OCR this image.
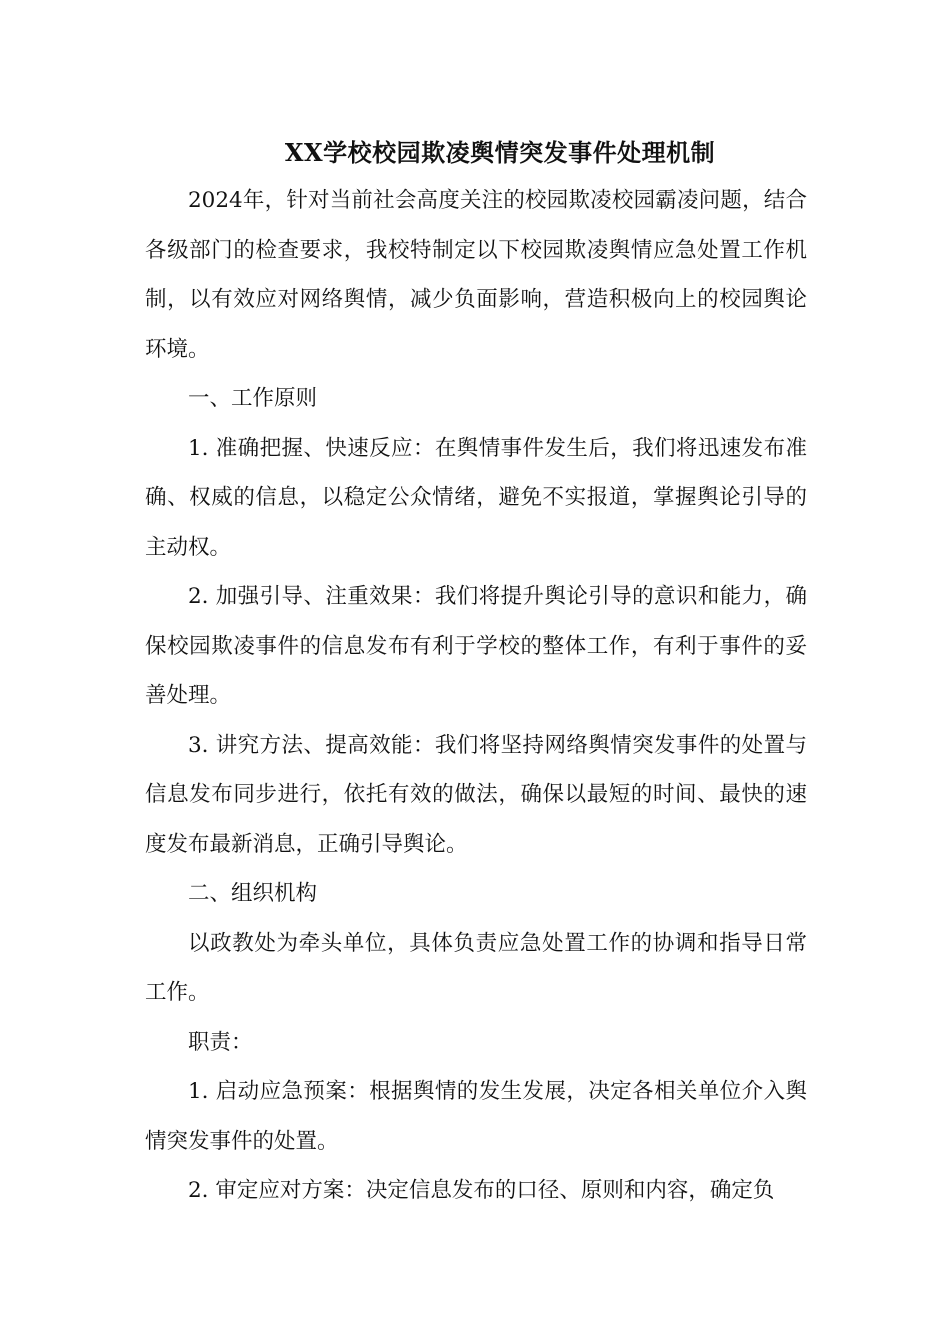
XX学校校园欺凌舆情突发事件处理机制

2024年，针对当前社会高度关注的校园欺凌校园霸凌问题，结合各级部门的检查要求，我校特制定以下校园欺凌舆情应急处置工作机制，以有效应对网络舆情，减少负面影响，营造积极向上的校园舆论环境。

一、工作原则

1. 准确把握、快速反应：在舆情事件发生后，我们将迅速发布准确、权威的信息，以稳定公众情绪，避免不实报道，掌握舆论引导的主动权。

2. 加强引导、注重效果：我们将提升舆论引导的意识和能力，确保校园欺凌事件的信息发布有利于学校的整体工作，有利于事件的妥善处理。

3. 讲究方法、提高效能：我们将坚持网络舆情突发事件的处置与信息发布同步进行，依托有效的做法，确保以最短的时间、最快的速度发布最新消息，正确引导舆论。

二、组织机构

以政教处为牵头单位，具体负责应急处置工作的协调和指导日常工作。

职责：

1. 启动应急预案：根据舆情的发生发展，决定各相关单位介入舆情突发事件的处置。

2. 审定应对方案：决定信息发布的口径、原则和内容，确定负
